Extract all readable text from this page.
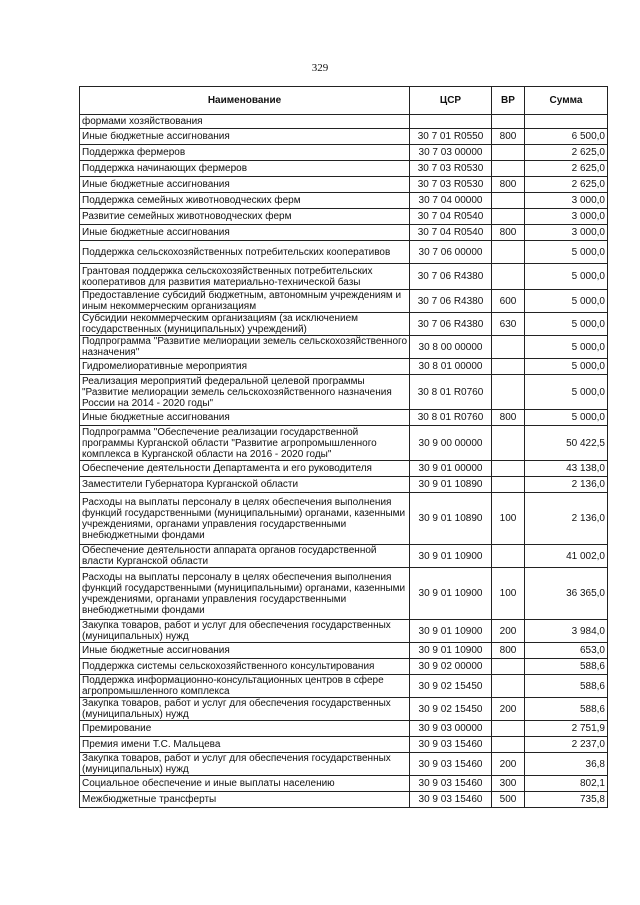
329
Наименование	ЦСР	ВР	Сумма
формами хозяйствования			
Иные бюджетные ассигнования	30 7 01 R0550	800	6 500,0
Поддержка фермеров	30 7 03 00000		2 625,0
Поддержка начинающих фермеров	30 7 03 R0530		2 625,0
Иные бюджетные ассигнования	30 7 03 R0530	800	2 625,0
Поддержка семейных животноводческих ферм	30 7 04 00000		3 000,0
Развитие семейных животноводческих ферм	30 7 04 R0540		3 000,0
Иные бюджетные ассигнования	30 7 04 R0540	800	3 000,0
Поддержка сельскохозяйственных потребительских кооперативов	30 7 06 00000		5 000,0
Грантовая поддержка сельскохозяйственных потребительских кооперативов для развития материально-технической базы	30 7 06 R4380		5 000,0
Предоставление субсидий бюджетным, автономным учреждениям и иным некоммерческим организациям	30 7 06 R4380	600	5 000,0
Субсидии некоммерческим организациям (за исключением государственных (муниципальных) учреждений)	30 7 06 R4380	630	5 000,0
Подпрограмма "Развитие мелиорации земель сельскохозяйственного назначения"	30 8 00 00000		5 000,0
Гидромелиоративные мероприятия	30 8 01 00000		5 000,0
Реализация мероприятий федеральной целевой программы "Развитие мелиорации земель сельскохозяйственного назначения России на 2014 - 2020 годы"	30 8 01 R0760		5 000,0
Иные бюджетные ассигнования	30 8 01 R0760	800	5 000,0
Подпрограмма "Обеспечение реализации государственной программы Курганской области "Развитие агропромышленного комплекса в Курганской области на 2016 - 2020 годы"	30 9 00 00000		50 422,5
Обеспечение деятельности Департамента и его руководителя	30 9 01 00000		43 138,0
Заместители Губернатора Курганской области	30 9 01 10890		2 136,0
Расходы на выплаты персоналу в целях обеспечения выполнения функций государственными (муниципальными) органами, казенными учреждениями, органами управления государственными внебюджетными фондами	30 9 01 10890	100	2 136,0
Обеспечение деятельности аппарата органов государственной власти Курганской области	30 9 01 10900		41 002,0
Расходы на выплаты персоналу в целях обеспечения выполнения функций государственными (муниципальными) органами, казенными учреждениями, органами управления государственными внебюджетными фондами	30 9 01 10900	100	36 365,0
Закупка товаров, работ и услуг для обеспечения государственных (муниципальных) нужд	30 9 01 10900	200	3 984,0
Иные бюджетные ассигнования	30 9 01 10900	800	653,0
Поддержка системы сельскохозяйственного консультирования	30 9 02 00000		588,6
Поддержка информационно-консультационных центров в сфере агропромышленного комплекса	30 9 02 15450		588,6
Закупка товаров, работ и услуг для обеспечения государственных (муниципальных) нужд	30 9 02 15450	200	588,6
Премирование	30 9 03 00000		2 751,9
Премия имени Т.С. Мальцева	30 9 03 15460		2 237,0
Закупка товаров, работ и услуг для обеспечения государственных (муниципальных) нужд	30 9 03 15460	200	36,8
Социальное обеспечение и иные выплаты населению	30 9 03 15460	300	802,1
Межбюджетные трансферты	30 9 03 15460	500	735,8
